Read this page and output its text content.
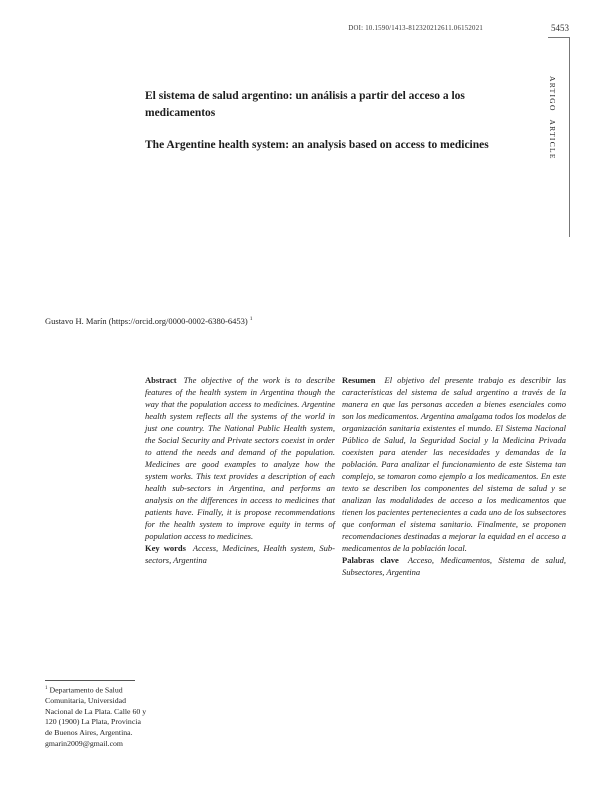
DOI: 10.1590/1413-812320212611.06152021	5453
ARTIGO ARTICLE
El sistema de salud argentino: un análisis a partir del acceso a los medicamentos
The Argentine health system: an analysis based on access to medicines
Gustavo H. Marín (https://orcid.org/0000-0002-6380-6453) $^1$

Abstract The objective of the work is to describe features of the health system in Argentina though the way that the population access to medicines. Argentine health system reflects all the systems of the world in just one country. The National Public Health system, the Social Security and Private sectors coexist in order to attend the needs and demand of the population. Medicines are good examples to analyze how the system works. This text provides a description of each health sub-sectors in Argentina, and performs an analysis on the differences in access to medicines that patients have. Finally, it is propose recommendations for the health system to improve equity in terms of population access to medicines.

Key words Access, Medicines, Health system, Sub-sectors, Argentina

Resumen El objetivo del presente trabajo es describir las características del sistema de salud argentino a través de la manera en que las personas acceden a bienes esenciales como son los medicamentos. Argentina amalgama todos los modelos de organización sanitaria existentes el mundo. El Sistema Nacional Público de Salud, la Seguridad Social y la Medicina Privada coexisten para atender las necesidades y demandas de la población. Para analizar el funcionamiento de este Sistema tan complejo, se tomaron como ejemplo a los medicamentos. En este texto se describen los componentes del sistema de salud y se analizan las modalidades de acceso a los medicamentos que tienen los pacientes pertenecientes a cada uno de los subsectores que conforman el sistema sanitario. Finalmente, se proponen recomendaciones destinadas a mejorar la equidad en el acceso a medicamentos de la población local.

Palabras clave Acceso, Medicamentos, Sistema de salud, Subsectores, Argentina

$^1$ Departamento de Salud Comunitaria, Universidad Nacional de La Plata. Calle 60 y 120 (1900) La Plata, Provincia de Buenos Aires, Argentina. gmarin2009@gmail.com
